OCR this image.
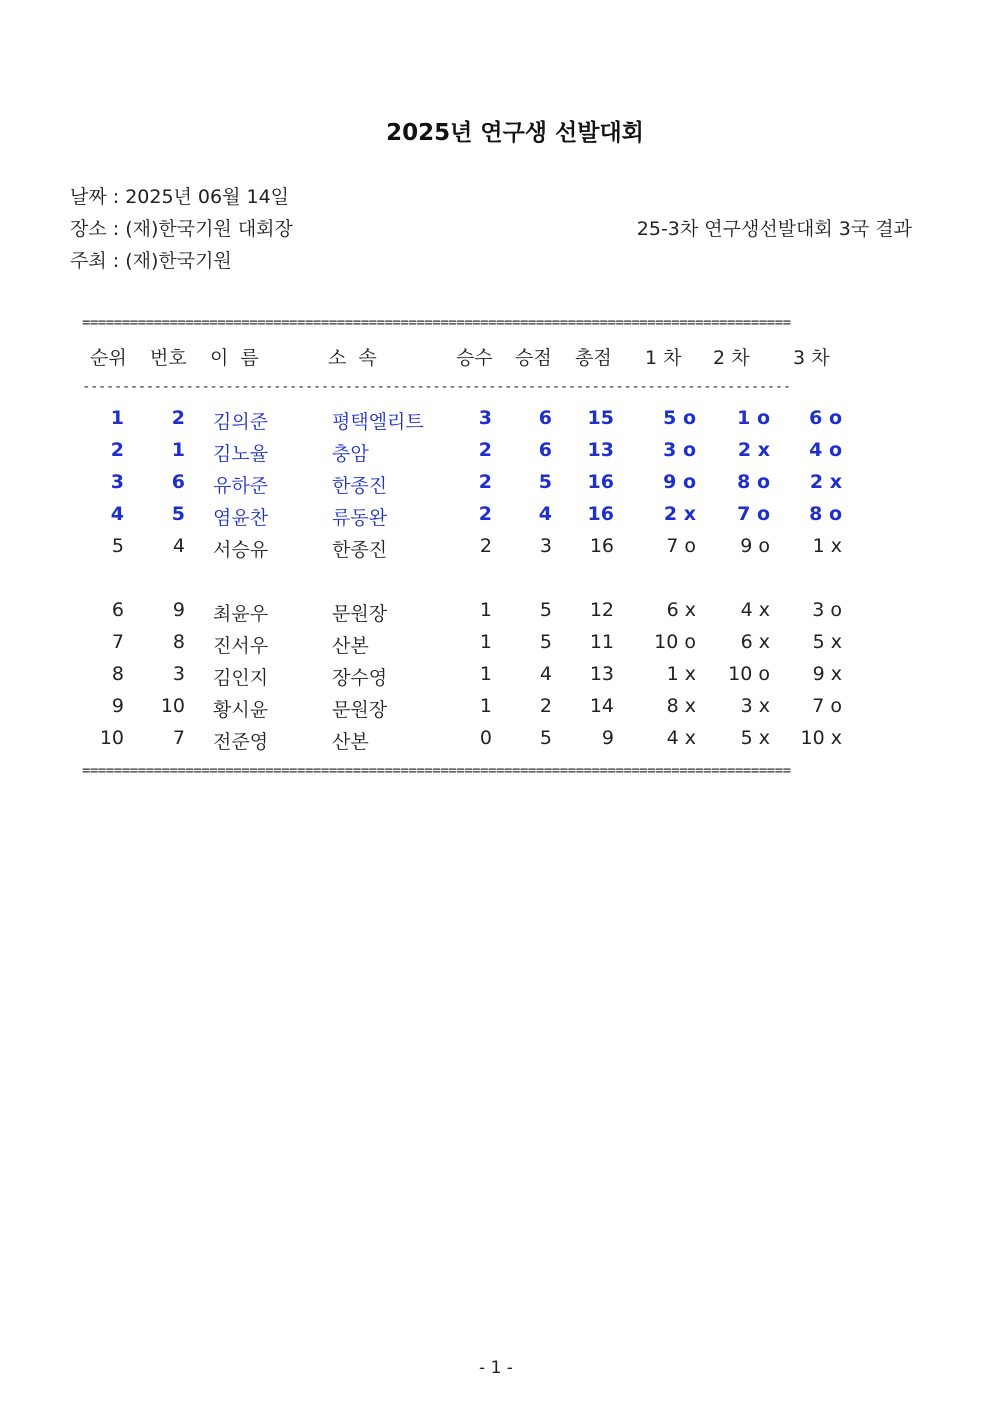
2025년 연구생 선발대회
날짜 : 2025년 06월 14일
장소 : (재)한국기원 대회장	25-3차 연구생선발대회 3국 결과
주최 : (재)한국기원
=========================================================================================
순위 번호 이  름	소  속	승수 승점 총점 1 차 2 차 3 차
-----------------------------------------------------------------------------------------
1	2 김의준	평택엘리트	3	6	15	5 o	1 o	6 o
2	1 김노율	충암	2	6	13	3 o	2 x	4 o
3	6 유하준	한종진	2	5	16	9 o	8 o	2 x
4	5 염윤찬	류동완	2	4	16	2 x	7 o	8 o
5	4 서승유	한종진	2	3	16	7 o	9 o	1 x
6	9 최윤우	문원장	1	5	12	6 x	4 x	3 o
7	8 진서우	산본	1	5	11	10 o	6 x	5 x
8	3 김인지	장수영	1	4	13	1 x	10 o	9 x
9	10 황시윤	문원장	1	2	14	8 x	3 x	7 o
10	7 전준영	산본	0	5	9	4 x	5 x	10 x
=========================================================================================
- 1 -
